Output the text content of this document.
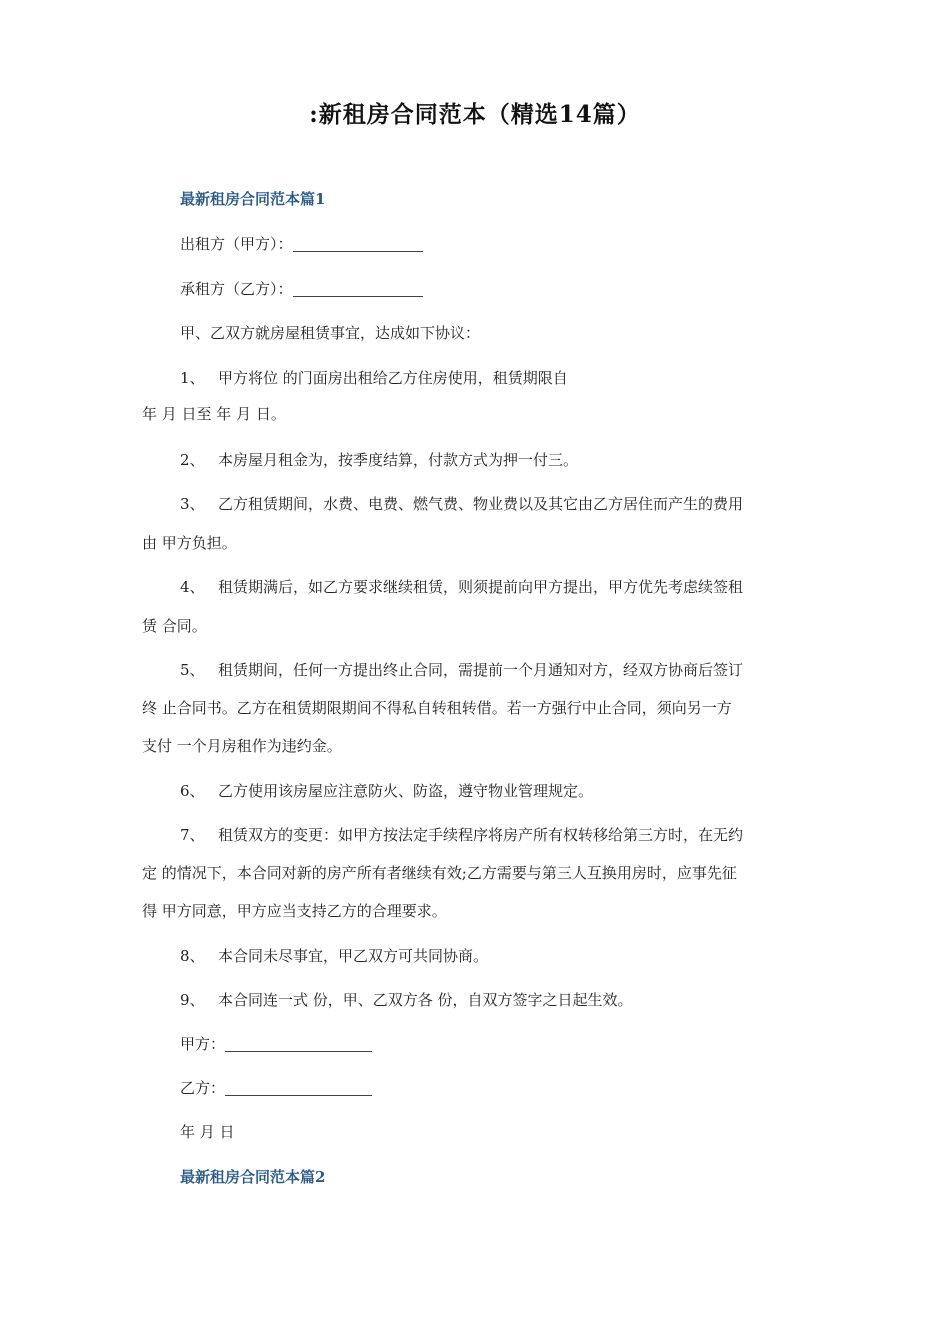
:新租房合同范本（精选14篇）
最新租房合同范本篇1
出租方（甲方）：
承租方（乙方）：
甲、乙双方就房屋租赁事宜，达成如下协议：
1、 甲方将位 的门面房出租给乙方住房使用，租赁期限自
年 月 日至 年 月 日。
2、 本房屋月租金为，按季度结算，付款方式为押一付三。
3、 乙方租赁期间，水费、电费、燃气费、物业费以及其它由乙方居住而产生的费用
由 甲方负担。
4、 租赁期满后，如乙方要求继续租赁，则须提前向甲方提出，甲方优先考虑续签租
赁 合同。
5、 租赁期间，任何一方提出终止合同，需提前一个月通知对方，经双方协商后签订
终 止合同书。乙方在租赁期限期间不得私自转租转借。若一方强行中止合同，须向另一方
支付 一个月房租作为违约金。
6、 乙方使用该房屋应注意防火、防盗，遵守物业管理规定。
7、 租赁双方的变更：如甲方按法定手续程序将房产所有权转移给第三方时，在无约
定 的情况下，本合同对新的房产所有者继续有效;乙方需要与第三人互换用房时，应事先征
得 甲方同意，甲方应当支持乙方的合理要求。
8、 本合同未尽事宜，甲乙双方可共同协商。
9、 本合同连一式 份，甲、乙双方各 份，自双方签字之日起生效。
甲方：
乙方：
年 月 日
最新租房合同范本篇2
